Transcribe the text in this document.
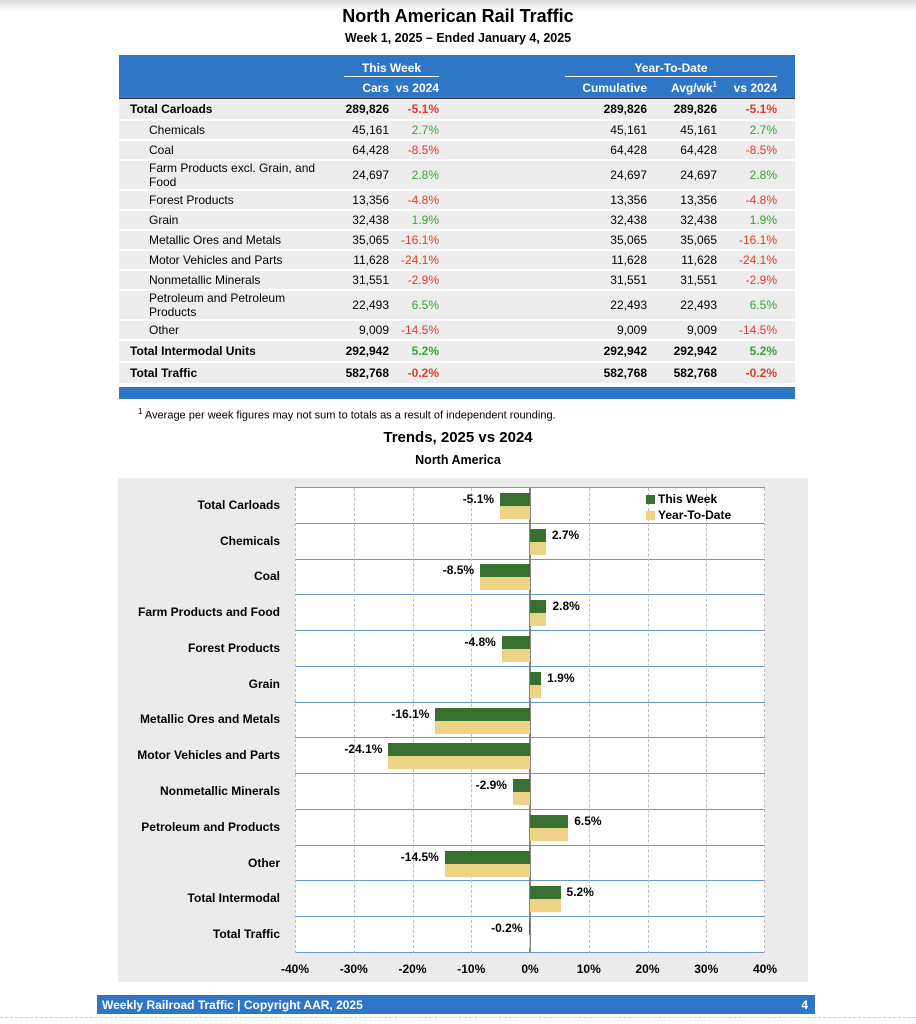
North American Rail Traffic
Week 1, 2025 – Ended January 4, 2025

	This Week		Year-To-Date			

	Cars	vs 2024	Cumulative	Avg/$wk^1$	vs 2024	
Total Carloads	289,826	-5.1%	289,826	289,826	-5.1%	
Chemicals	45,161	2.7%	45,161	45,161	2.7%	
Coal	64,428	-8.5%	64,428	64,428	-8.5%	
Farm Products excl. Grain, and Food	24,697	2.8%	24,697	24,697	2.8%	
Forest Products	13,356	-4.8%	13,356	13,356	-4.8%	
Grain	32,438	1.9%	32,438	32,438	1.9%	
Metallic Ores and Metals	35,065	-16.1%	35,065	35,065	-16.1%	
Motor Vehicles and Parts	11,628	-24.1%	11,628	11,628	-24.1%	
Nonmetallic Minerals	31,551	-2.9%	31,551	31,551	-2.9%	
Petroleum and Petroleum Products	22,493	6.5%	22,493	22,493	6.5%	
Other	9,009	-14.5%	9,009	9,009	-14.5%	
Total Intermodal Units	292,942	5.2%	292,942	292,942	5.2%	
Total Traffic	582,768	-0.2%	582,768	582,768	-0.2%	
$^1$ Average per week figures may not sum to totals as a result of independent rounding.
Trends, 2025 vs 2024
North America
Total Carloads
Chemicals
Coal
Farm Products and Food
Forest Products
Grain
Metallic Ores and Metals
Motor Vehicles and Parts
Nonmetallic Minerals
Petroleum and Products
Other
Total Intermodal
Total Traffic
-5.1%
2.7%
-8.5%
2.8%
-4.8%
1.9%
-16.1%
-24.1%
-2.9%
6.5%
-14.5%
5.2%
-0.2%
This Week
Year-To-Date
-40%	-30%	-20%	-10%	0%	10%	20%	30%	40%
Weekly Railroad Traffic | Copyright AAR, 2025	4
